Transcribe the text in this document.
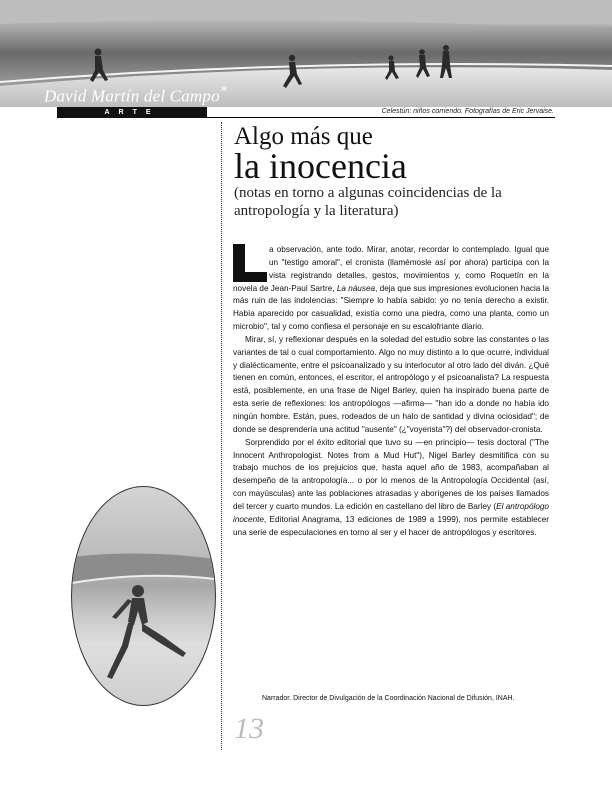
David Martín del Campo*
ARTE	Celestún: niños corriendo. Fotografías de Eric Jervaise.
Algo más que
la inocencia
(notas en torno a algunas coincidencias de la antropología y la literatura)

a observación, ante todo. Mirar, anotar, recordar lo contemplado. Igual que un "testigo amoral", el cronista (llamémosle así por ahora) participa con la vista registrando detalles, gestos, movimientos y, como Roquetín en la novela de Jean-Paul Sartre, La náusea, deja que sus impresiones evolucionen hacia la más ruin de las indolencias: "Siempre lo había sabido: yo no tenía derecho a existir. Había aparecido por casualidad, existía como una piedra, como una planta, como un microbio", tal y como confiesa el personaje en su escalofriante diario.

Mirar, sí, y reflexionar después en la soledad del estudio sobre las constantes o las variantes de tal o cual comportamiento. Algo no muy distinto a lo que ocurre, individual y dialécticamente, entre el psicoanalizado y su interlocutor al otro lado del diván. ¿Qué tienen en común, entonces, el escritor, el antropólogo y el psicoanalista? La respuesta está, posiblemente, en una frase de Nigel Barley, quien ha inspirado buena parte de esta serie de reflexiones: los antropólogos —afirma— "han ido a donde no había ido ningún hombre. Están, pues, rodeados de un halo de santidad y divina ociosidad"; de donde se desprendería una actitud "ausente" (¿"voyerista"?) del observador-cronista.

Sorprendido por el éxito editorial que tuvo su —en principio— tesis doctoral ("The Innocent Anthropologist. Notes from a Mud Hut"), Nigel Barley desmitifica con su trabajo muchos de los prejuicios que, hasta aquel año de 1983, acompañaban al desempeño de la antropología... o por lo menos de la Antropología Occidental (así, con mayúsculas) ante las poblaciones atrasadas y aborígenes de los países llamados del tercer y cuarto mundos. La edición en castellano del libro de Barley (El antropólogo inocente, Editorial Anagrama, 13 ediciones de 1989 a 1999), nos permite establecer una serie de especulaciones en torno al ser y el hacer de antropólogos y escritores.

Narrador. Director de Divulgación de la Coordinación Nacional de Difusión, INAH.
13
